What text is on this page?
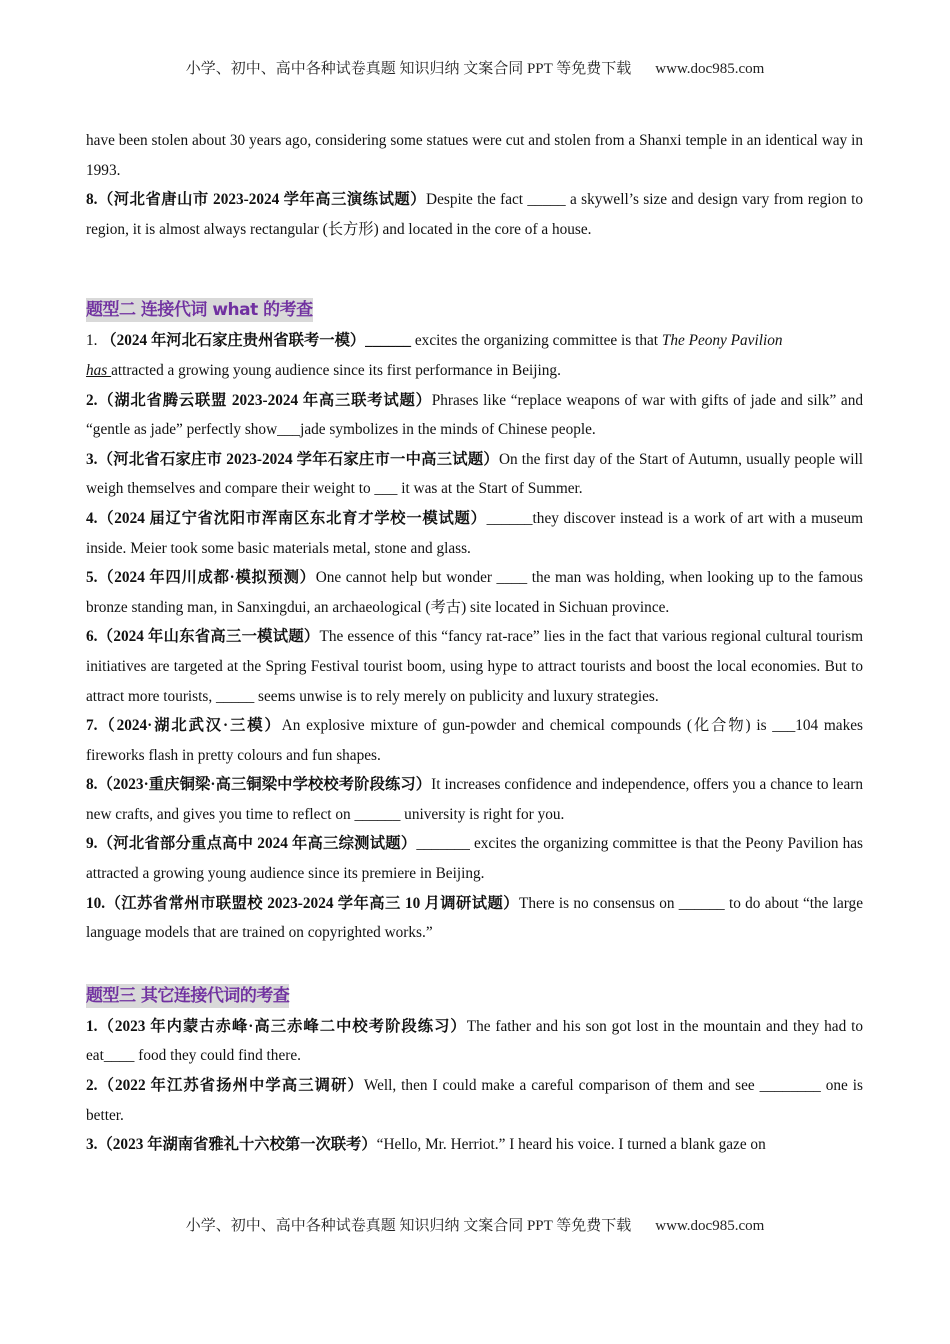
小学、初中、高中各种试卷真题 知识归纳 文案合同 PPT 等免费下载 www.doc985.com

have been stolen about 30 years ago, considering some statues were cut and stolen from a Shanxi temple in an identical way in 1993.

8.（河北省唐山市 2023-2024 学年高三演练试题）Despite the fact _____ a skywell’s size and design vary from region to region, it is almost always rectangular (长方形) and located in the core of a house.

题型二 连接代词 what 的考查

1. （2024 年河北石家庄贵州省联考一模）______ excites the organizing committee is that The Peony Pavilion
has attracted a growing young audience since its first performance in Beijing.

2.（湖北省腾云联盟 2023-2024 年高三联考试题）Phrases like “replace weapons of war with gifts of jade and silk” and “gentle as jade” perfectly show___jade symbolizes in the minds of Chinese people.

3.（河北省石家庄市 2023-2024 学年石家庄市一中高三试题）On the first day of the Start of Autumn, usually people will weigh themselves and compare their weight to ___ it was at the Start of Summer.

4.（2024 届辽宁省沈阳市浑南区东北育才学校一模试题）______they discover instead is a work of art with a museum inside. Meier took some basic materials metal, stone and glass.

5.（2024 年四川成都·模拟预测）One cannot help but wonder ____ the man was holding, when looking up to the famous bronze standing man, in Sanxingdui, an archaeological (考古) site located in Sichuan province.

6.（2024 年山东省高三一模试题）The essence of this “fancy rat-race” lies in the fact that various regional cultural tourism initiatives are targeted at the Spring Festival tourist boom, using hype to attract tourists and boost the local economies. But to attract more tourists, _____ seems unwise is to rely merely on publicity and luxury strategies.

7.（2024·湖北武汉·三模）An explosive mixture of gun-powder and chemical compounds (化合物) is ___104 makes fireworks flash in pretty colours and fun shapes.

8.（2023·重庆铜梁·高三铜梁中学校校考阶段练习）It increases confidence and independence, offers you a chance to learn new crafts, and gives you time to reflect on ______ university is right for you.

9.（河北省部分重点高中 2024 年高三综测试题）_______ excites the organizing committee is that the Peony Pavilion has attracted a growing young audience since its premiere in Beijing.

10.（江苏省常州市联盟校 2023-2024 学年高三 10 月调研试题）There is no consensus on ______ to do about “the large language models that are trained on copyrighted works.”

题型三 其它连接代词的考查

1.（2023 年内蒙古赤峰·高三赤峰二中校考阶段练习）The father and his son got lost in the mountain and they had to eat____ food they could find there.

2.（2022 年江苏省扬州中学高三调研）Well, then I could make a careful comparison of them and see ________ one is better.

3.（2023 年湖南省雅礼十六校第一次联考）“Hello, Mr. Herriot.” I heard his voice. I turned a blank gaze on

小学、初中、高中各种试卷真题 知识归纳 文案合同 PPT 等免费下载 www.doc985.com
